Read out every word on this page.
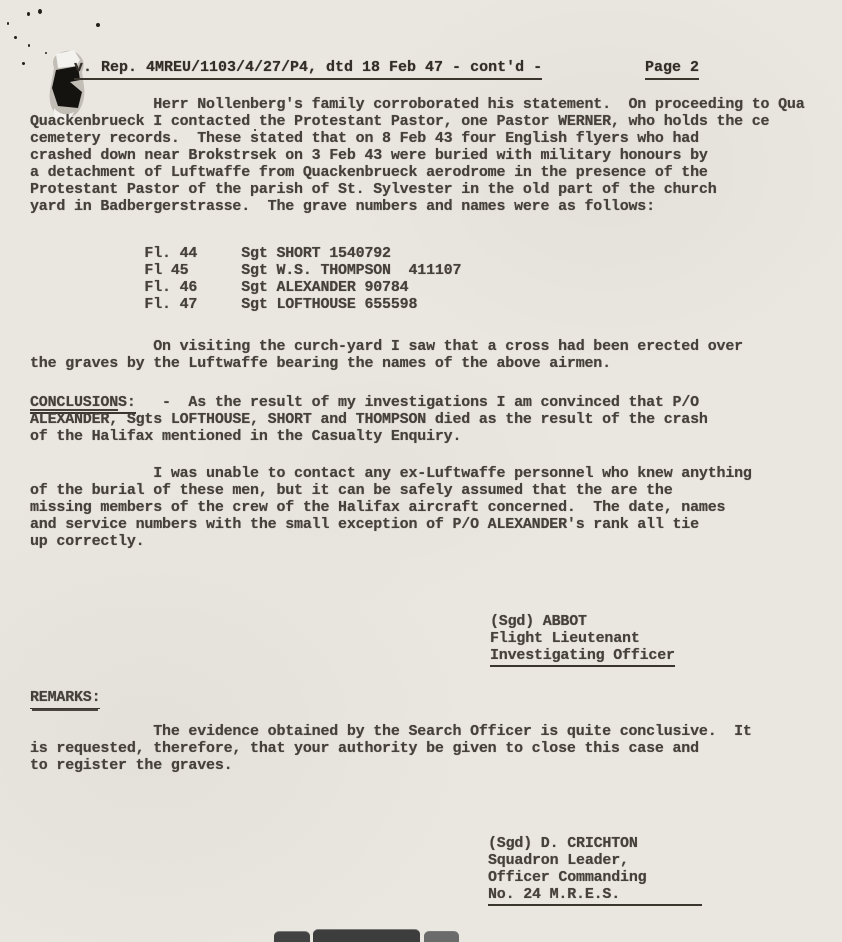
v. Rep. 4MREU/1103/4/27/P4, dtd 18 Feb 47 - cont'd -	Page 2
Herr Nollenberg's family corroborated his statement.  On proceeding to Qua
Quackenbrueck I contacted the Protestant Pastor, one Pastor WERNER, who holds the ce
cemetery records.  These stated that on 8 Feb 43 four English flyers who had
crashed down near Brokstrsek on 3 Feb 43 were buried with military honours by
a detachment of Luftwaffe from Quackenbrueck aerodrome in the presence of the
Protestant Pastor of the parish of St. Sylvester in the old part of the church
yard in Badbergerstrasse.  The grave numbers and names were as follows:
Fl. 44     Sgt SHORT 1540792
Fl 45      Sgt W.S. THOMPSON  411107
Fl. 46     Sgt ALEXANDER 90784
Fl. 47     Sgt LOFTHOUSE 655598
On visiting the curch-yard I saw that a cross had been erected over
the graves by the Luftwaffe bearing the names of the above airmen.
CONCLUSIONS:   -  As the result of my investigations I am convinced that P/O
ALEXANDER, Sgts LOFTHOUSE, SHORT and THOMPSON died as the result of the crash
of the Halifax mentioned in the Casualty Enquiry.
I was unable to contact any ex-Luftwaffe personnel who knew anything
of the burial of these men, but it can be safely assumed that the are the
missing members of the crew of the Halifax aircraft concerned.  The date, names
and service numbers with the small exception of P/O ALEXANDER's rank all tie
up correctly.
(Sgd) ABBOT
Flight Lieutenant
Investigating Officer
REMARKS:
The evidence obtained by the Search Officer is quite conclusive.  It
is requested, therefore, that your authority be given to close this case and
to register the graves.
(Sgd) D. CRICHTON
Squadron Leader,
Officer Commanding
No. 24 M.R.E.S.
